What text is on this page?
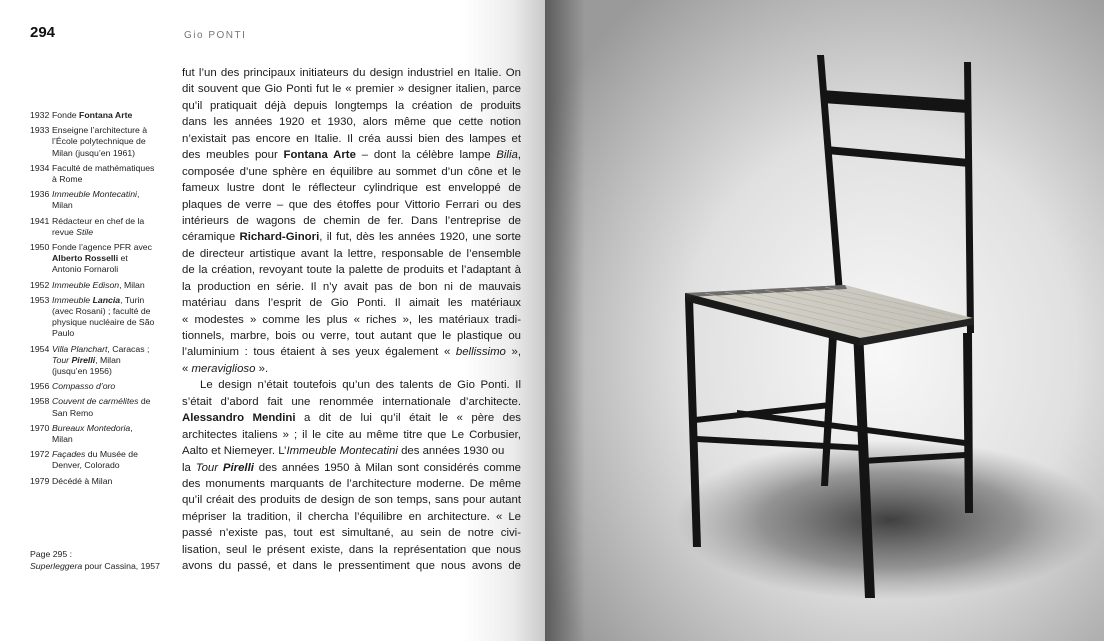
294	Gio PONTI
1932 Fonde Fontana Arte
1933 Enseigne l’architecture à l’École polytechnique de Milan (jusqu’en 1961)
1934 Faculté de mathématiques à Rome
1936 Immeuble Montecatini, Milan
1941 Rédacteur en chef de la revue Stile
1950 Fonde l’agence PFR avec Alberto Rosselli et Antonio Fornaroli
1952 Immeuble Edison, Milan
1953 Immeuble Lancia, Turin (avec Rosani) ; faculté de physique nucléaire de São Paulo
1954 Villa Planchart, Caracas ; Tour Pirelli, Milan (jusqu’en 1956)
1956 Compasso d’oro
1958 Couvent de carmélites de San Remo
1970 Bureaux Montedoria, Milan
1972 Façades du Musée de Denver, Colorado
1979 Décédé à Milan
Page 295 :
Superleggera pour Cassina, 1957
fut l’un des principaux initiateurs du design industriel en Italie. On
dit souvent que Gio Ponti fut le « premier » designer italien, parce
qu’il pratiquait déjà depuis longtemps la création de produits
dans les années 1920 et 1930, alors même que cette notion
n’existait pas encore en Italie. Il créa aussi bien des lampes et
des meubles pour Fontana Arte – dont la célèbre lampe Bilia,
composée d’une sphère en équilibre au sommet d’un cône et le
fameux lustre dont le réflecteur cylindrique est enveloppé de
plaques de verre – que des étoffes pour Vittorio Ferrari ou des
intérieurs de wagons de chemin de fer. Dans l’entreprise de
céramique Richard-Ginori, il fut, dès les années 1920, une sorte
de directeur artistique avant la lettre, responsable de l’ensemble
de la création, revoyant toute la palette de produits et l’adaptant à
la production en série. Il n’y avait pas de bon ni de mauvais
matériau dans l’esprit de Gio Ponti. Il aimait les matériaux
« modestes » comme les plus « riches », les matériaux tradi-
tionnels, marbre, bois ou verre, tout autant que le plastique ou
l’aluminium : tous étaient à ses yeux également « bellissimo »,
« meraviglioso ».
Le design n’était toutefois qu’un des talents de Gio Ponti. Il
s’était d’abord fait une renommée internationale d’architecte.
Alessandro Mendini a dit de lui qu’il était le « père des
architectes italiens » ; il le cite au même titre que Le Corbusier,
Aalto et Niemeyer. L’Immeuble Montecatini des années 1930 ou
la Tour Pirelli des années 1950 à Milan sont considérés comme
des monuments marquants de l’architecture moderne. De même
qu’il créait des produits de design de son temps, sans pour autant
mépriser la tradition, il chercha l’équilibre en architecture. « Le
passé n’existe pas, tout est simultané, au sein de notre civi-
lisation, seul le présent existe, dans la représentation que nous
avons du passé, et dans le pressentiment que nous avons de
